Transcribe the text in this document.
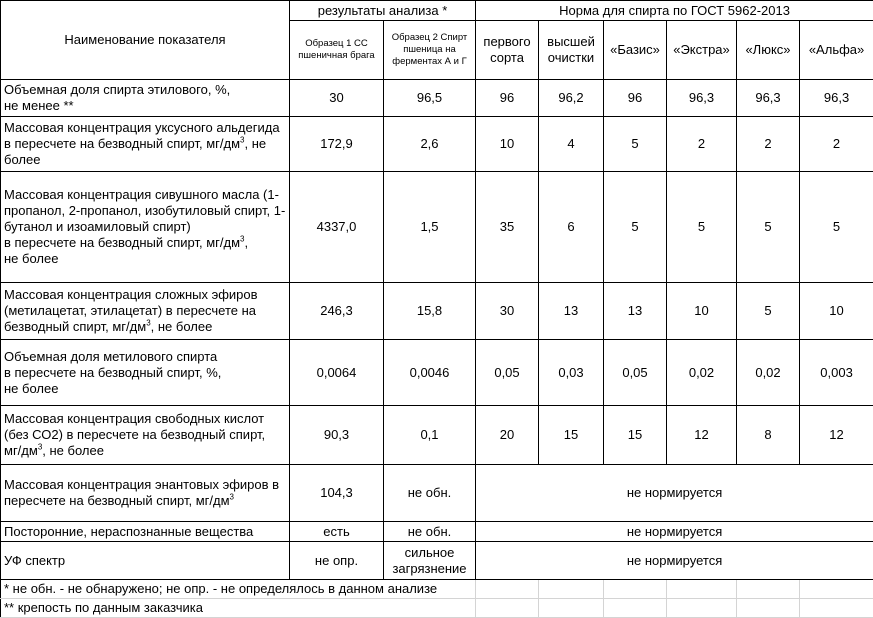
Наименование показателя	результаты анализа *		Норма для спирта по ГОСТ 5962-2013					
	Образец 1 СС пшеничная брага	Образец 2 Спирт пшеница на ферментах А и Г	первого сорта	высшей очистки	«Базис»	«Экстра»	«Люкс»	«Альфа»
Объемная доля спирта этилового, %,
не менее **	30	96,5	96	96,2	96	96,3	96,3	96,3
Массовая концентрация уксусного альдегида в пересчете на безводный спирт, $мг/дм^3$, не более	172,9	2,6	10	4	5	2	2	2
Массовая концентрация сивушного масла (1-пропанол, 2-пропанол, изобутиловый спирт, 1-бутанол и изоамиловый спирт)
в пересчете на безводный спирт, $мг/дм^3$,
не более	4337,0	1,5	35	6	5	5	5	5
Массовая концентрация сложных эфиров (метилацетат, этилацетат) в пересчете на безводный спирт, $мг/дм^3$, не более	246,3	15,8	30	13	13	10	5	10
Объемная доля метилового спирта
в пересчете на безводный спирт, %,
не более	0,0064	0,0046	0,05	0,03	0,05	0,02	0,02	0,003
Массовая концентрация свободных кислот (без СО2) в пересчете на безводный спирт, $мг/дм^3$, не более	90,3	0,1	20	15	15	12	8	12
Массовая концентрация энантовых эфиров в пересчете на безводный спирт, $мг/дм^3$	104,3	не обн.	не нормируется					
Посторонние, нераспознанные вещества	есть	не обн.	не нормируется					
УФ спектр	не опр.	сильное загрязнение	не нормируется					
* не обн. - не обнаружено; не опр. - не определялось в данном анализе								
** крепость по данным заказчика								
